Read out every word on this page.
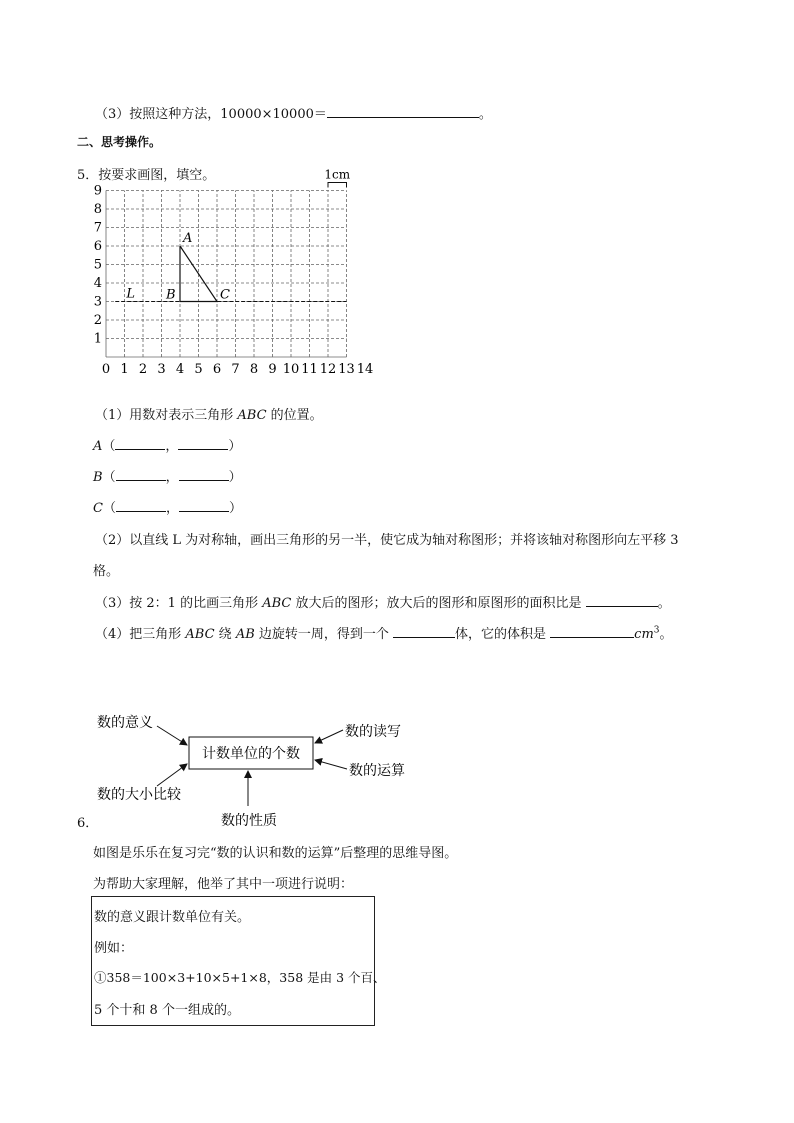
（3）按照这种方法，10000×10000＝	。
二、思考操作。
5．按要求画图，填空。
0 1 2 3 4 5 6 7 8 9 10 11 12 13 14
1
2
3
4
5
6
7
8
9
1cm
L
A
B	C
（1）用数对表示三角形 ABC 的位置。
A（	，	）
B（	，	）
C（	，	）
（2）以直线 L 为对称轴，画出三角形的另一半，使它成为轴对称图形；并将该轴对称图形向左平移 3
格。
（3）按 2：1 的比画三角形 ABC 放大后的图形；放大后的图形和原图形的面积比是	。
（4）把三角形 ABC 绕 AB 边旋转一周，得到一个	体，它的体积是	$cm^3$。
计数单位的个数
数的意义
数的大小比较
数的读写
数的运算
数的性质
6．
如图是乐乐在复习完“数的认识和数的运算”后整理的思维导图。
为帮助大家理解，他举了其中一项进行说明：
数的意义跟计数单位有关。
例如：
①358＝100×3+10×5+1×8，358 是由 3 个百、
5 个十和 8 个一组成的。
